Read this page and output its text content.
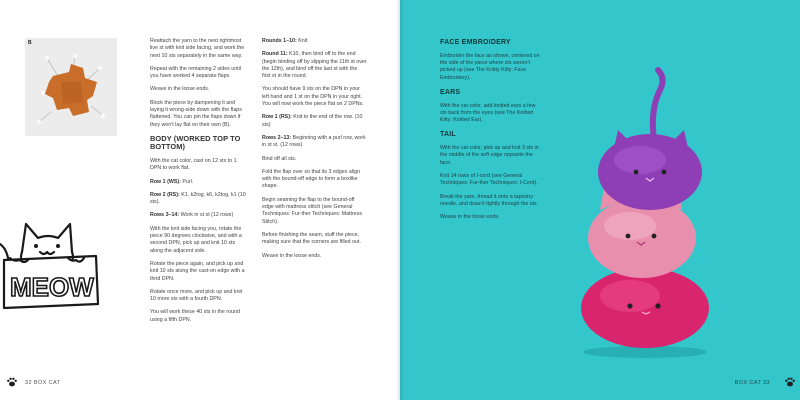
B	Reattach the yarn to the next rightmost live st with knit side facing, and work the next 10 sts separately in the same way.

Repeat with the remaining 2 sides until you have worked 4 separate flaps.

Weave in the loose ends.

Block the piece by dampening it and laying it wrong-side down with the flaps flattened. You can pin the flaps down if they won't lay flat on their own (B).

BODY (WORKED TOP TO BOTTOM)

With the cat color, cast on 12 sts to 1 DPN to work flat.

Row 1 (WS): Purl.

Row 2 (RS): K1, k2tog, k6, k2tog, k1 (10 sts).

Rows 3–14: Work in st st (12 rows)

With the knit side facing you, rotate the piece 90 degrees clockwise, and with a second DPN, pick up and knit 10 sts along the adjacent side.

Rotate the piece again, and pick up and knit 10 sts along the cast-on edge with a third DPN.

Rotate once more, and pick up and knit 10 more sts with a fourth DPN.

You will work these 40 sts in the round using a fifth DPN.

Rounds 1–10: Knit

Round 11: K10, then bind off to the end (begin binding off by slipping the 11th st over the 12th), and bind off the last st with the first st in the round.

You should have 9 sts on the DPN in your left hand and 1 st on the DPN in your right. You will now work the piece flat on 2 DPNs.

Row 1 (RS): Knit to the end of the row. (10 sts)

Rows 2–13: Beginning with a purl row, work in st st. (12 rows)

Bind off all sts.

Fold the flap over so that its 3 edges align with the bound-off edge to form a boxlike shape.

Begin seaming the flap to the bound-off edge with mattress stitch (see General Techniques: Fur-ther Techniques: Mattress Stitch).

Before finishing the seam, stuff the piece, making sure that the corners are filled out.

Weave in the loose ends.

MEOW
32 BOX CAT
FACE EMBROIDERY

Embroider the face as shown, centered on the side of the piece where sts weren't picked up (see The Knitty Kitty: Face Embroidery).

EARS

With the cat color, add knitted ears a few sts back from the eyes (see The Knitted Kitty: Knitted Ear).

TAIL

With the cat color, pick up and knit 3 sts in the middle of the soft edge opposite the face.

Knit 14 rows of I-cord (see General Techniques: Fur-ther Techniques: I-Cord).

Break the yarn, thread it onto a tapestry needle, and draw it tightly through the sts.

Weave in the loose ends.

BOX CAT 33
